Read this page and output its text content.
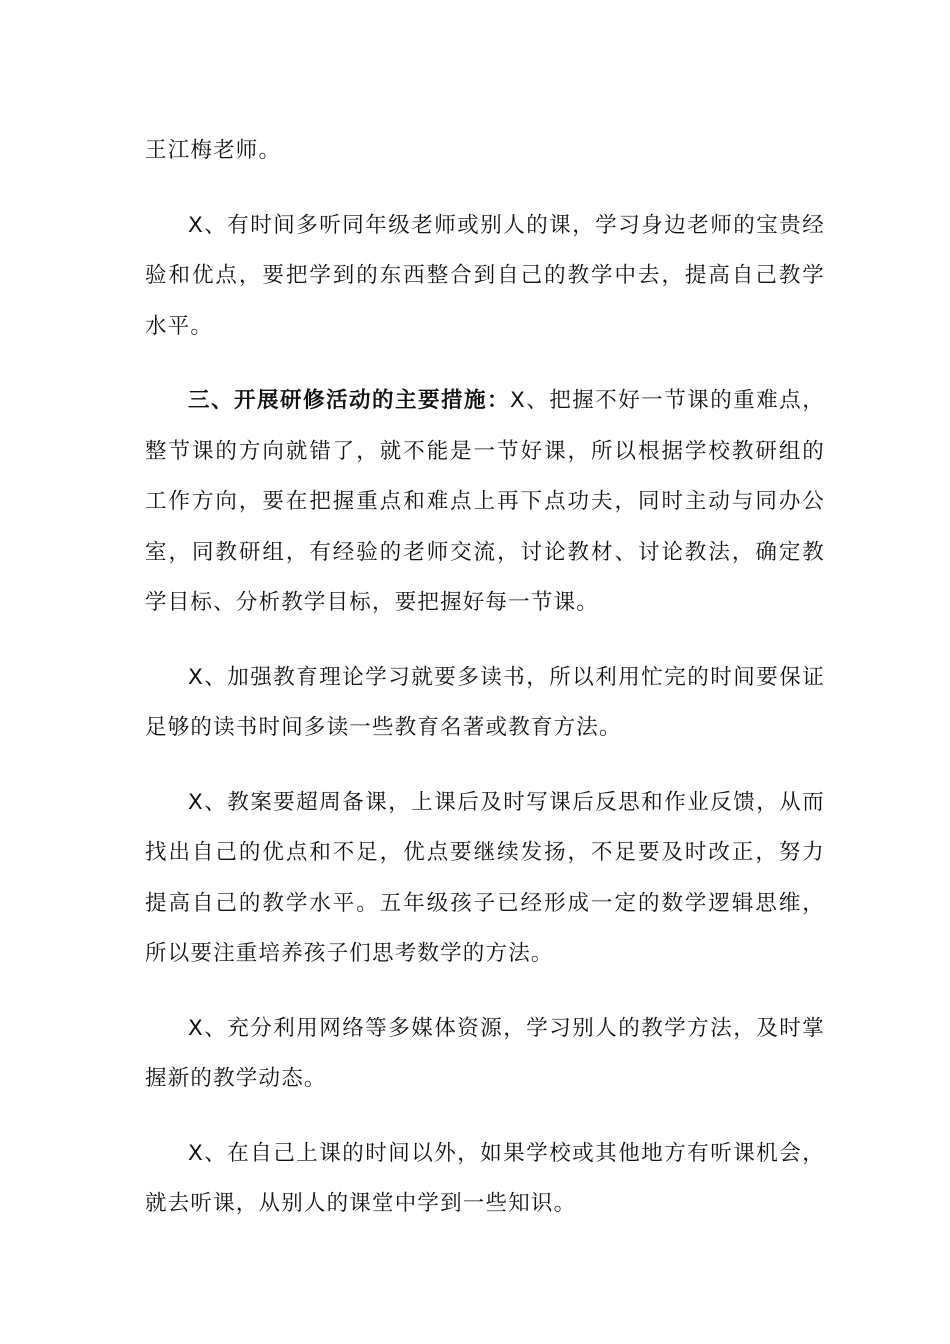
王江梅老师。

X、有时间多听同年级老师或别人的课，学习身边老师的宝贵经验和优点，要把学到的东西整合到自己的教学中去，提高自己教学水平。

三、开展研修活动的主要措施：X、把握不好一节课的重难点，整节课的方向就错了，就不能是一节好课，所以根据学校教研组的工作方向，要在把握重点和难点上再下点功夫，同时主动与同办公室，同教研组，有经验的老师交流，讨论教材、讨论教法，确定教学目标、分析教学目标，要把握好每一节课。

X、加强教育理论学习就要多读书，所以利用忙完的时间要保证足够的读书时间多读一些教育名著或教育方法。

X、教案要超周备课，上课后及时写课后反思和作业反馈，从而找出自己的优点和不足，优点要继续发扬，不足要及时改正，努力提高自己的教学水平。五年级孩子已经形成一定的数学逻辑思维，所以要注重培养孩子们思考数学的方法。

X、充分利用网络等多媒体资源，学习别人的教学方法，及时掌握新的教学动态。

X、在自己上课的时间以外，如果学校或其他地方有听课机会，就去听课，从别人的课堂中学到一些知识。
